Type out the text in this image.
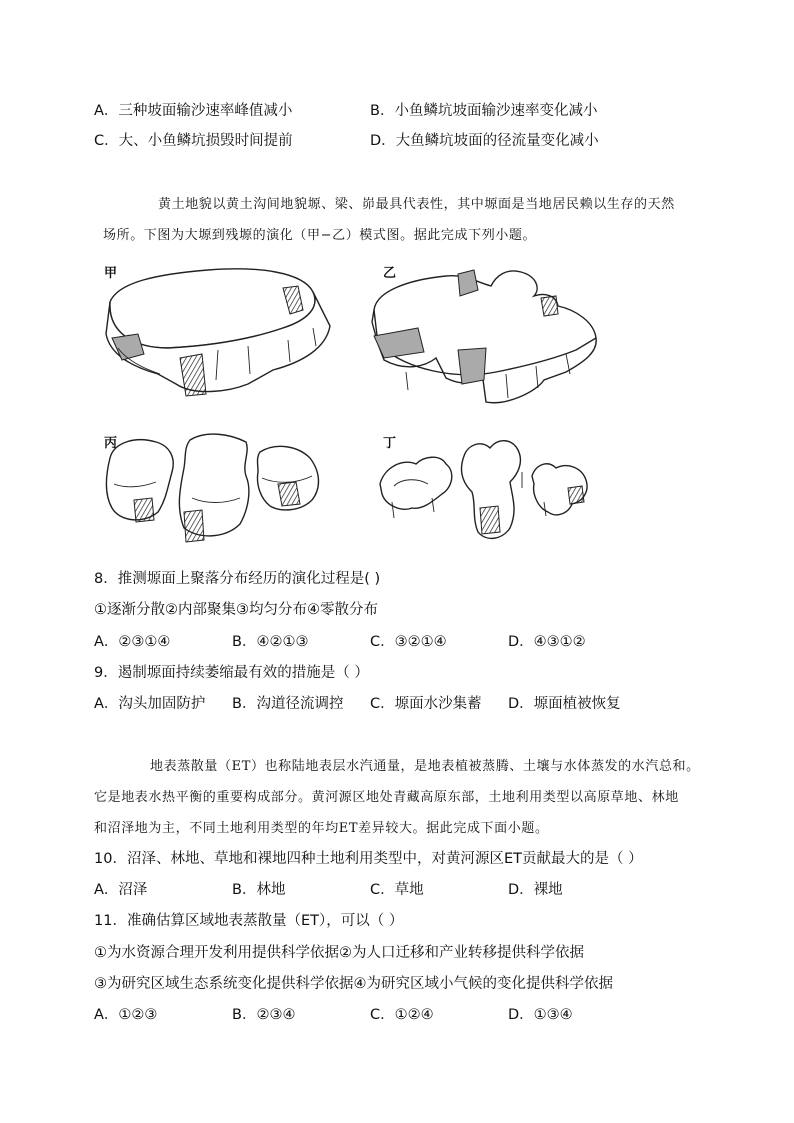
A．三种坡面输沙速率峰值减小	B．小鱼鳞坑坡面输沙速率变化减小
C．大、小鱼鳞坑损毁时间提前	D．大鱼鳞坑坡面的径流量变化减小
黄土地貌以黄土沟间地貌塬、梁、峁最具代表性，其中塬面是当地居民赖以生存的天然
场所。下图为大塬到残塬的演化（甲−乙）模式图。据此完成下列小题。
甲	乙
丙	丁
8．推测塬面上聚落分布经历的演化过程是( )
①逐渐分散②内部聚集③均匀分布④零散分布
A．②③①④	B．④②①③	C．③②①④	D．④③①②
9．遏制塬面持续萎缩最有效的措施是（ ）
A．沟头加固防护 B．沟道径流调控 C．塬面水沙集蓄 D．塬面植被恢复
地表蒸散量（ET）也称陆地表层水汽通量，是地表植被蒸腾、土壤与水体蒸发的水汽总和。
它是地表水热平衡的重要构成部分。黄河源区地处青藏高原东部，土地利用类型以高原草地、林地
和沼泽地为主，不同土地利用类型的年均ET差异较大。据此完成下面小题。
10．沼泽、林地、草地和裸地四种土地利用类型中，对黄河源区ET贡献最大的是（ ）
A．沼泽	B．林地	C．草地	D．裸地
11．准确估算区域地表蒸散量（ET），可以（ ）
①为水资源合理开发利用提供科学依据②为人口迁移和产业转移提供科学依据
③为研究区域生态系统变化提供科学依据④为研究区域小气候的变化提供科学依据
A．①②③	B．②③④	C．①②④	D．①③④
